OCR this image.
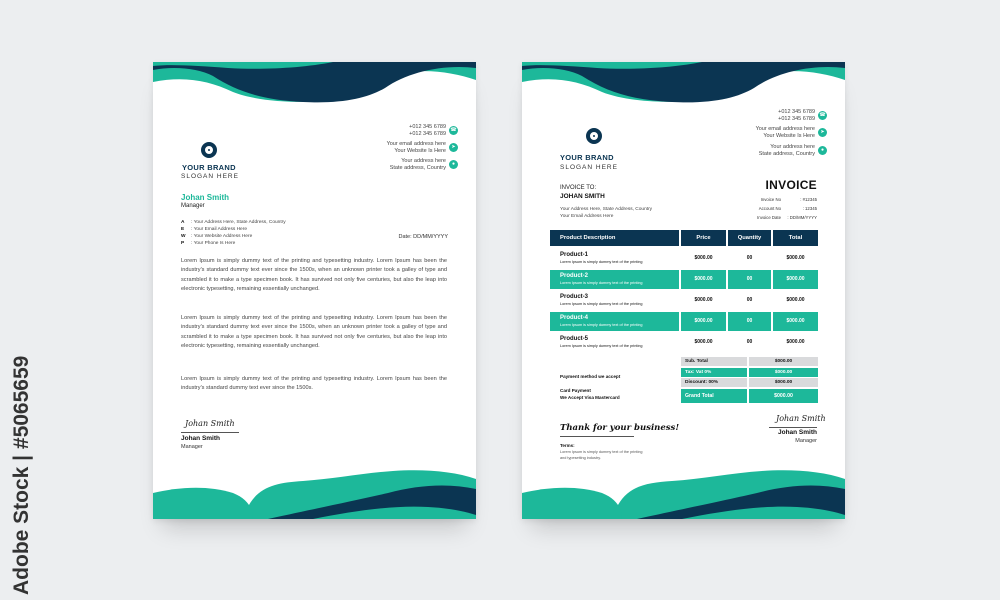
Adobe Stock | #506565956
YOUR BRAND
SLOGAN HERE
+012 345 6789
+012 345 6789
☎
Your email address here
Your Website Is Here
➤
Your address here
State address, Country
●
Johan Smith
Manager
A : Your Address Here, State Address, Country
E : Your Email Address Here
W : Your Website Address Here
P : Your Phone Is Here
Date: DD/MM/YYYY
Lorem Ipsum is simply dummy text of the printing and typesetting industry. Lorem Ipsum has been the industry's standard dummy text ever since the 1500s, when an unknown printer took a galley of type and scrambled it to make a type specimen book. It has survived not only five centuries, but also the leap into electronic typesetting, remaining essentially unchanged.
Lorem Ipsum is simply dummy text of the printing and typesetting industry. Lorem Ipsum has been the industry's standard dummy text ever since the 1500s, when an unknown printer took a galley of type and scrambled it to make a type specimen book. It has survived not only five centuries, but also the leap into electronic typesetting, remaining essentially unchanged.
Lorem Ipsum is simply dummy text of the printing and typesetting industry. Lorem Ipsum has been the industry's standard dummy text ever since the 1500s.
Johan Smith
Johan Smith
Manager
YOUR BRAND
SLOGAN HERE
+012 345 6789
+012 345 6789
☎
Your email address here
Your Website Is Here
➤
Your address here
State address, Country
●
INVOICE
Invoice No	: #12345
Account No	: 12345
Invoice Date : DD/MM/YYYY
INVOICE TO:
JOHAN SMITH
Your Address Here, State Address, Country
Your Email Address Here
Product Description	Price	Quantity	Total
Product-1
Lorem Ipsum is simply dummy text of the printing
$000.00	00	$000.00
Product-2
Lorem Ipsum is simply dummy text of the printing
$000.00	00	$000.00
Product-3
Lorem Ipsum is simply dummy text of the printing
$000.00	00	$000.00
Product-4
Lorem Ipsum is simply dummy text of the printing
$000.00	00	$000.00
Product-5
Lorem Ipsum is simply dummy text of the printing
$000.00	00	$000.00
Sub. Total	$000.00
Tax: Vat 0%	$000.00
Discount: 00%	$000.00
Grand Total	$000.00
Payment method we accept
Card Payment
We Accept Visa Mastercard
Johan Smith
Johan Smith
Manager
Thank for your business!
Terms:
Lorem Ipsum is simply dummy text of the printing
and typesetting industry.
